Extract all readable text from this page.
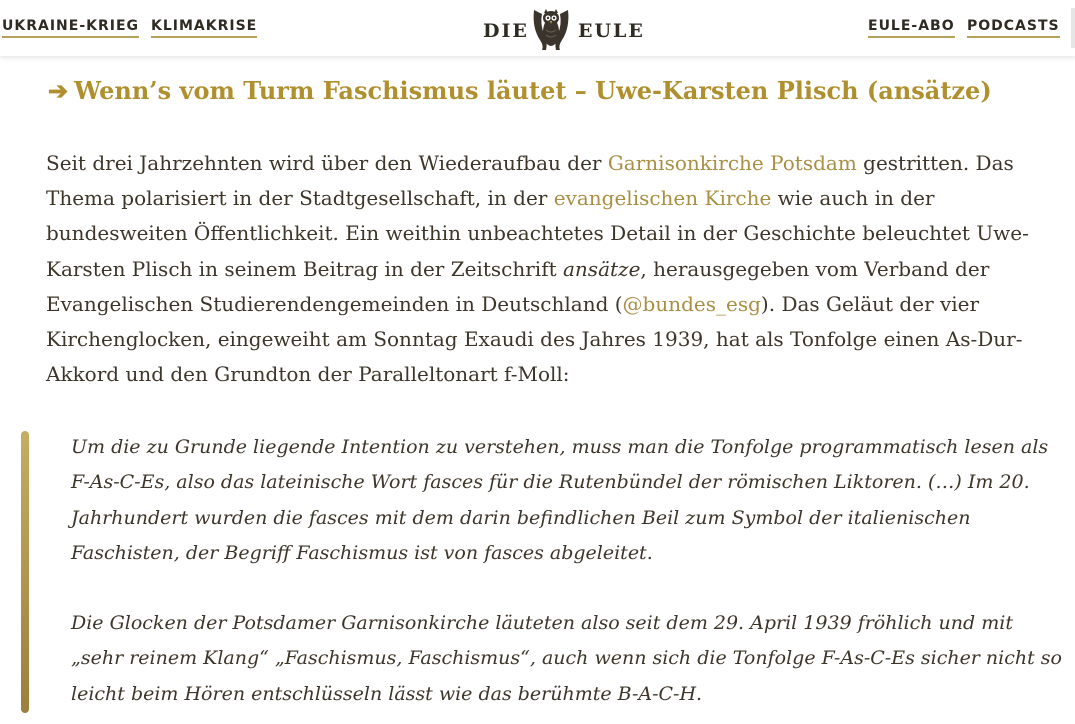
UKRAINE-KRIEG KLIMAKRISE	DIE	EULE	EULE-ABO PODCASTS
➔ Wenn’s vom Turm Faschismus läutet – Uwe-Karsten Plisch (ansätze)

Seit drei Jahrzehnten wird über den Wiederaufbau der Garnisonkirche Potsdam gestritten. Das Thema polarisiert in der Stadtgesellschaft, in der evangelischen Kirche wie auch in der bundesweiten Öffentlichkeit. Ein weithin unbeachtetes Detail in der Geschichte beleuchtet Uwe-Karsten Plisch in seinem Beitrag in der Zeitschrift ansätze, herausgegeben vom Verband der Evangelischen Studierendengemeinden in Deutschland (@bundes_esg). Das Geläut der vier Kirchenglocken, eingeweiht am Sonntag Exaudi des Jahres 1939, hat als Tonfolge einen As-Dur-Akkord und den Grundton der Paralleltonart f-Moll:

Um die zu Grunde liegende Intention zu verstehen, muss man die Tonfolge programmatisch lesen als F-As-C-Es, also das lateinische Wort fasces für die Rutenbündel der römischen Liktoren. (…) Im 20. Jahrhundert wurden die fasces mit dem darin befindlichen Beil zum Symbol der italienischen Faschisten, der Begriff Faschismus ist von fasces abgeleitet.

Die Glocken der Potsdamer Garnisonkirche läuteten also seit dem 29. April 1939 fröhlich und mit „sehr reinem Klang“ „Faschismus, Faschismus“, auch wenn sich die Tonfolge F-As-C-Es sicher nicht so leicht beim Hören entschlüsseln lässt wie das berühmte B-A-C-H.
